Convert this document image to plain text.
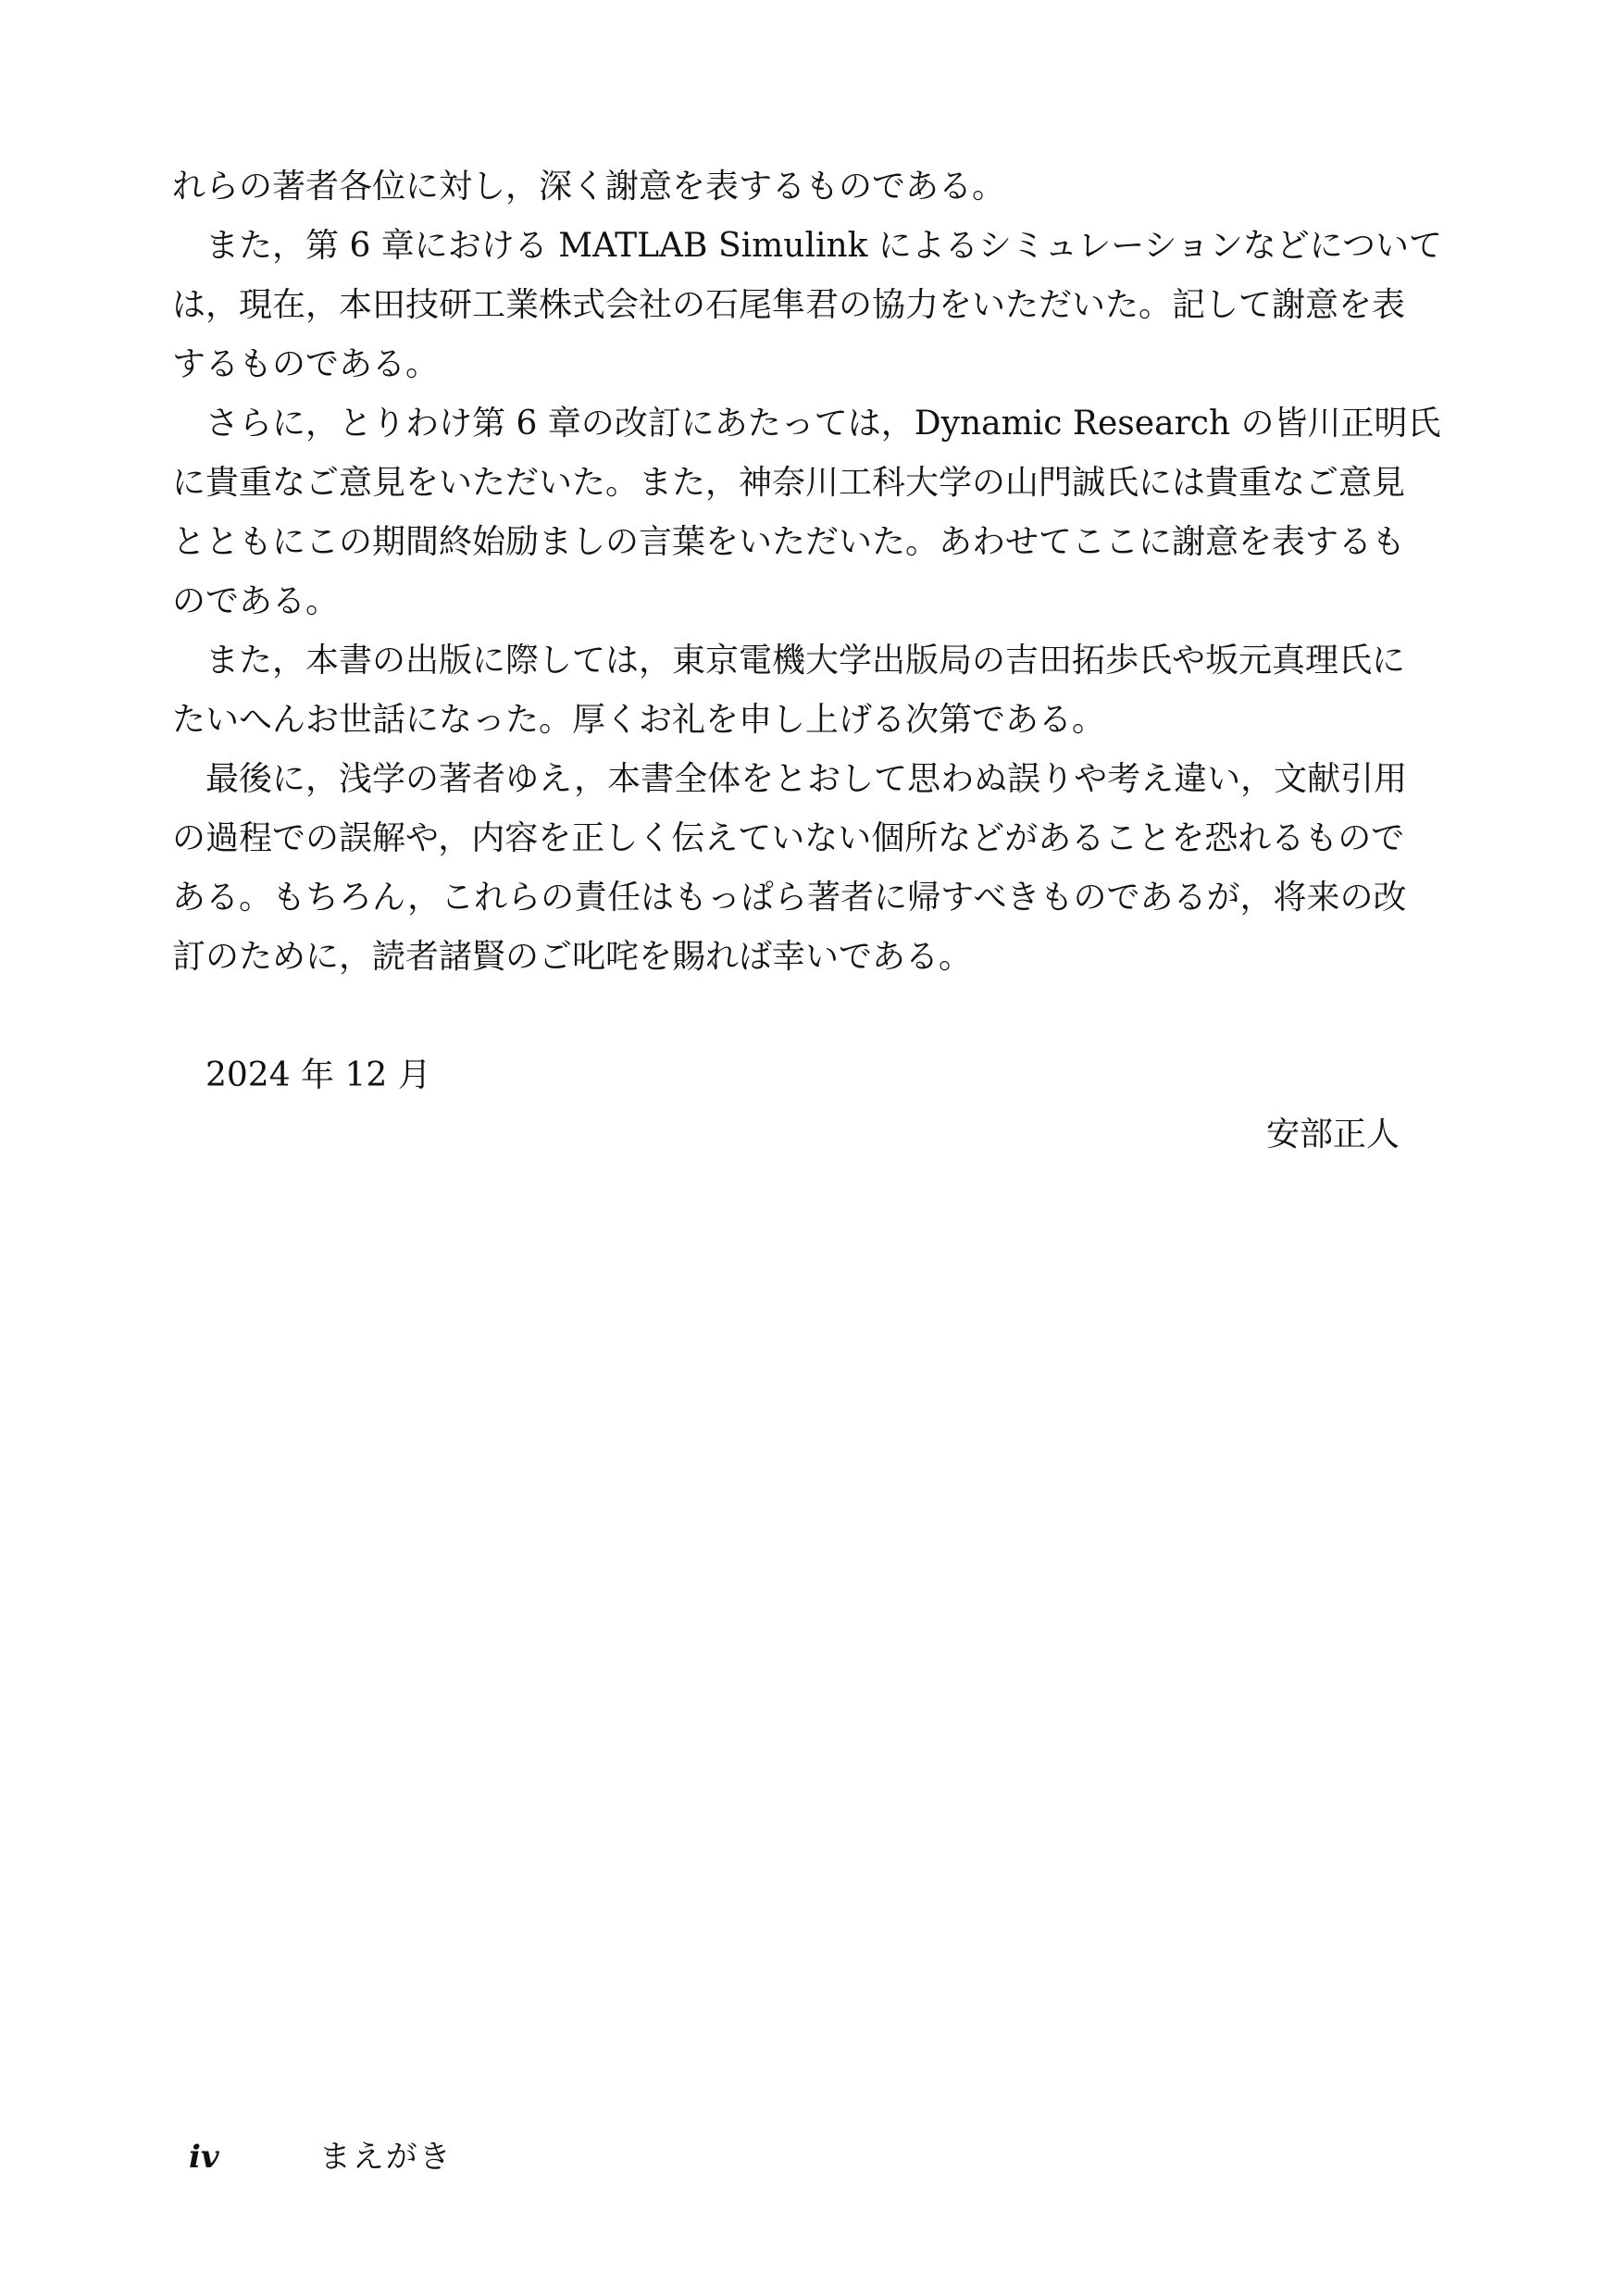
れらの著者各位に対し，深く謝意を表するものである。

また，第 6 章における MATLAB Simulink によるシミュレーションなどについて
は，現在，本田技研工業株式会社の石尾隼君の協力をいただいた。記して謝意を表
するものである。

さらに，とりわけ第 6 章の改訂にあたっては，Dynamic Research の皆川正明氏
に貴重なご意見をいただいた。また，神奈川工科大学の山門誠氏には貴重なご意見
とともにこの期間終始励ましの言葉をいただいた。あわせてここに謝意を表するも
のである。

また，本書の出版に際しては，東京電機大学出版局の吉田拓歩氏や坂元真理氏に
たいへんお世話になった。厚くお礼を申し上げる次第である。

最後に，浅学の著者ゆえ，本書全体をとおして思わぬ誤りや考え違い，文献引用
の過程での誤解や，内容を正しく伝えていない個所などがあることを恐れるもので
ある。もちろん，これらの責任はもっぱら著者に帰すべきものであるが，将来の改
訂のために，読者諸賢のご叱咤を賜れば幸いである。

2024 年 12 月
安部正人
iv	まえがき
